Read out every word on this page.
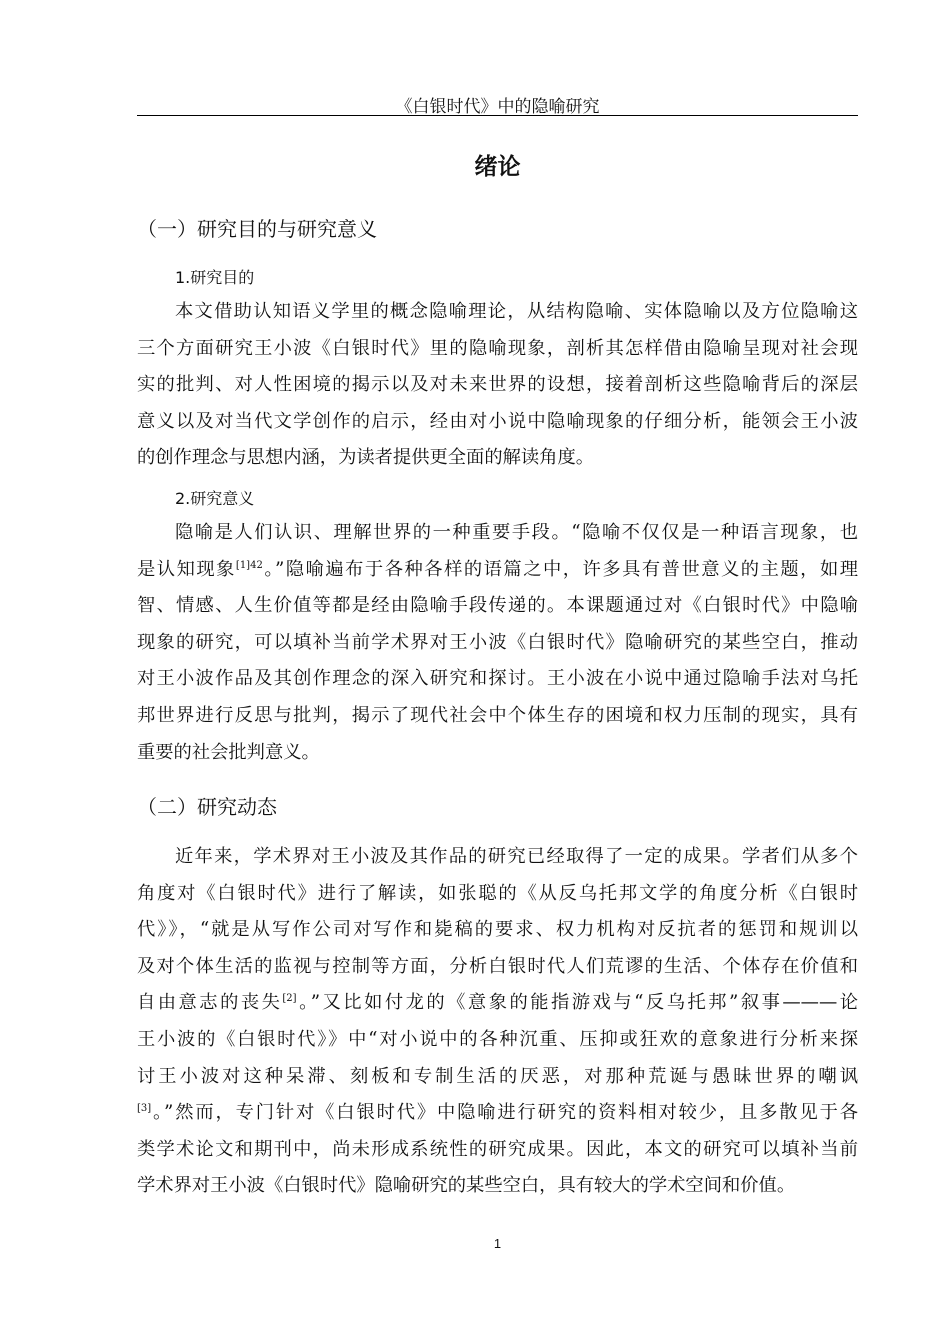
《白银时代》中的隐喻研究
绪论
（一）研究目的与研究意义
1.研究目的
本文借助认知语义学里的概念隐喻理论，从结构隐喻、实体隐喻以及方位隐喻这
三个方面研究王小波《白银时代》里的隐喻现象，剖析其怎样借由隐喻呈现对社会现
实的批判、对人性困境的揭示以及对未来世界的设想，接着剖析这些隐喻背后的深层
意义以及对当代文学创作的启示，经由对小说中隐喻现象的仔细分析，能领会王小波
的创作理念与思想内涵，为读者提供更全面的解读角度。
2.研究意义
隐喻是人们认识、理解世界的一种重要手段。“隐喻不仅仅是一种语言现象，也
是认知现象$^{[1]42}$。”隐喻遍布于各种各样的语篇之中，许多具有普世意义的主题，如理
智、情感、人生价值等都是经由隐喻手段传递的。本课题通过对《白银时代》中隐喻
现象的研究，可以填补当前学术界对王小波《白银时代》隐喻研究的某些空白，推动
对王小波作品及其创作理念的深入研究和探讨。王小波在小说中通过隐喻手法对乌托
邦世界进行反思与批判，揭示了现代社会中个体生存的困境和权力压制的现实，具有
重要的社会批判意义。
（二）研究动态
近年来，学术界对王小波及其作品的研究已经取得了一定的成果。学者们从多个
角度对《白银时代》进行了解读，如张聪的《从反乌托邦文学的角度分析《白银时
代》》，“就是从写作公司对写作和毙稿的要求、权力机构对反抗者的惩罚和规训以
及对个体生活的监视与控制等方面，分析白银时代人们荒谬的生活、个体存在价值和
自由意志的丧失[2]。”又比如付龙的《意象的能指游戏与“反乌托邦”叙事———论
王小波的《白银时代》》中“对小说中的各种沉重、压抑或狂欢的意象进行分析来探
讨王小波对这种呆滞、刻板和专制生活的厌恶，对那种荒诞与愚昧世界的嘲讽
[3]。”然而，专门针对《白银时代》中隐喻进行研究的资料相对较少，且多散见于各
类学术论文和期刊中，尚未形成系统性的研究成果。因此，本文的研究可以填补当前
学术界对王小波《白银时代》隐喻研究的某些空白，具有较大的学术空间和价值。
1
